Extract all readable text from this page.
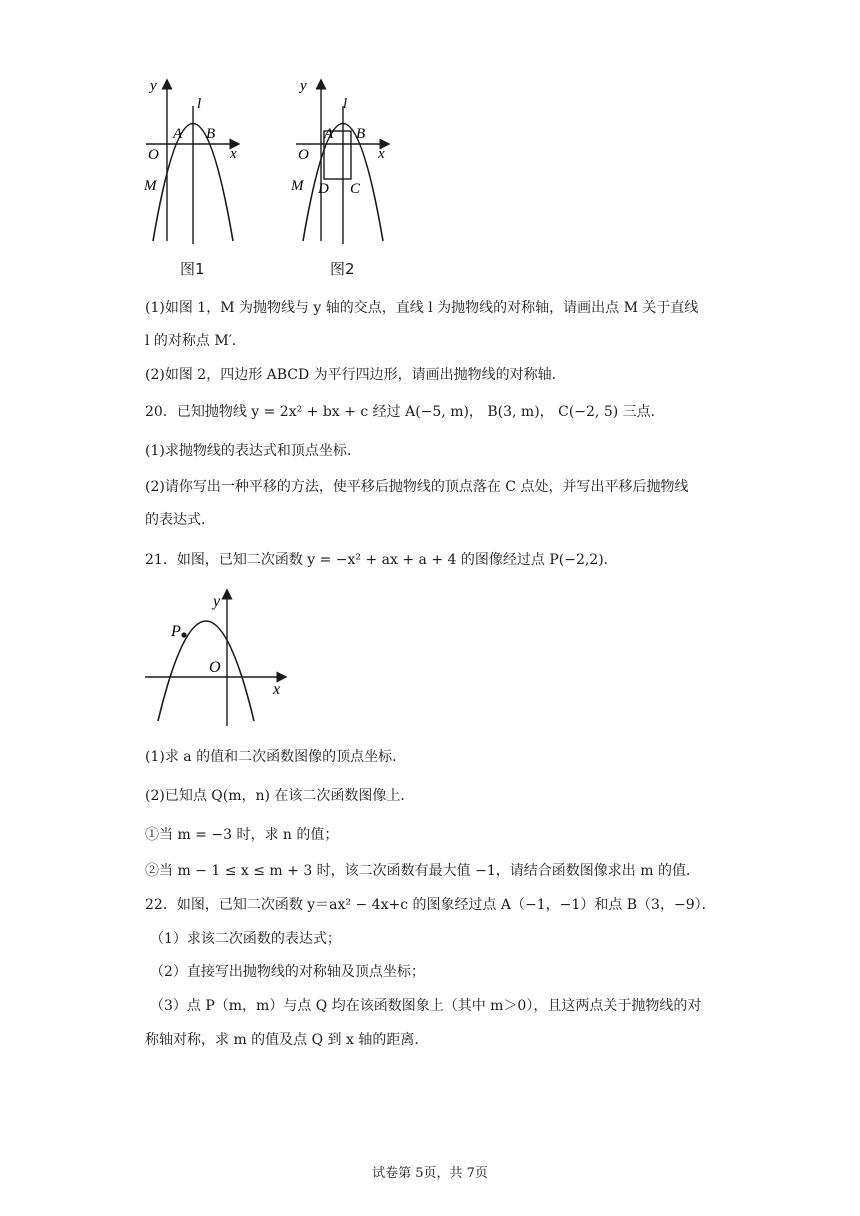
y
l
A B
O	x
M
图1
y
l
A B
O	x
M D C
图2
(1)如图 1，M 为抛物线与 y 轴的交点，直线 l 为抛物线的对称轴，请画出点 M 关于直线
l 的对称点 M′．
(2)如图 2，四边形 ABCD 为平行四边形，请画出抛物线的对称轴．
20．已知抛物线 y = 2x² + bx + c 经过 A(−5, m)， B(3, m)， C(−2, 5) 三点．
(1)求抛物线的表达式和顶点坐标．
(2)请你写出一种平移的方法，使平移后抛物线的顶点落在 C 点处，并写出平移后抛物线
的表达式．
21．如图，已知二次函数 y = −x² + ax + a + 4 的图像经过点 P(−2,2)．
y
P
O
x
(1)求 a 的值和二次函数图像的顶点坐标．
(2)已知点 Q(m，n) 在该二次函数图像上．
①当 m = −3 时，求 n 的值；
②当 m − 1 ≤ x ≤ m + 3 时，该二次函数有最大值 −1，请结合函数图像求出 m 的值．
22．如图，已知二次函数 y＝ax² − 4x+c 的图象经过点 A（−1，−1）和点 B（3，−9）．
（1）求该二次函数的表达式；
（2）直接写出抛物线的对称轴及顶点坐标；
（3）点 P（m，m）与点 Q 均在该函数图象上（其中 m＞0），且这两点关于抛物线的对
称轴对称，求 m 的值及点 Q 到 x 轴的距离．
试卷第 5页，共 7页
